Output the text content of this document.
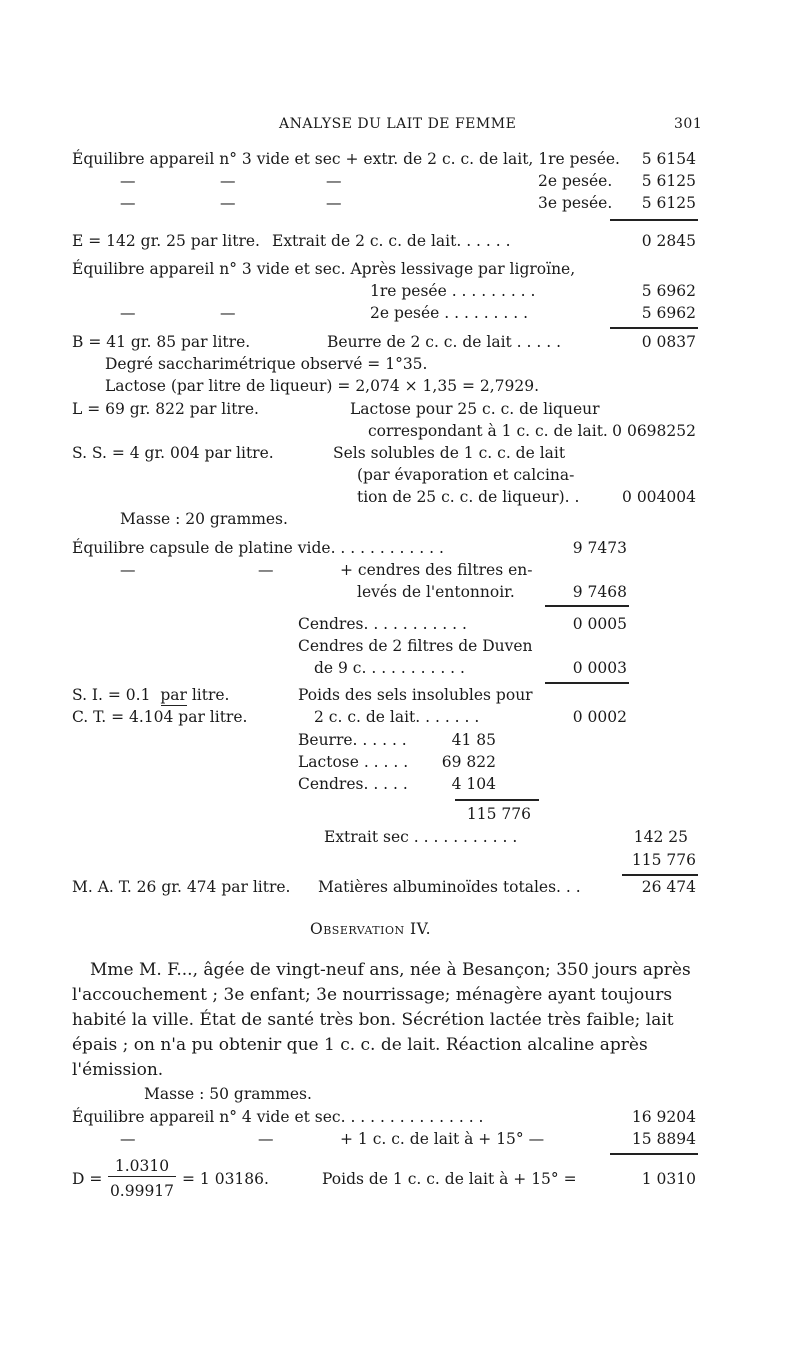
ANALYSE DU LAIT DE FEMME	301
Équilibre appareil n° 3 vide et sec + extr. de 2 c. c. de lait, 1re pesée. 5 6154
—	—	—	2e pesée. 5 6125
—	—	—	3e pesée. 5 6125
E = 142 gr. 25 par litre. Extrait de 2 c. c. de lait. . . . . .	0 2845
Équilibre appareil n° 3 vide et sec. Après lessivage par ligroïne,
1re pesée . . . . . . . . .	5 6962
—	—	2e pesée . . . . . . . . .	5 6962
B = 41 gr. 85 par litre.	Beurre de 2 c. c. de lait . . . . .	0 0837
Degré saccharimétrique observé = 1°35.
Lactose (par litre de liqueur) = 2,074 × 1,35 = 2,7929.
L = 69 gr. 822 par litre.	Lactose pour 25 c. c. de liqueur
correspondant à 1 c. c. de lait. 0 0698252
S. S. = 4 gr. 004 par litre.	Sels solubles de 1 c. c. de lait
(par évaporation et calcina-
tion de 25 c. c. de liqueur). .	0 004004
Masse : 20 grammes.
Équilibre capsule de platine vide. . . . . . . . . . . .	9 7473
—	—	+ cendres des filtres en-
levés de l'entonnoir.	9 7468
Cendres. . . . . . . . . . .	0 0005
Cendres de 2 filtres de Duven
de 9 c. . . . . . . . . . .	0 0003
S. I. = 0.1  par litre.	Poids des sels insolubles pour
C. T. = 4.104 par litre.	2 c. c. de lait. . . . . . .	0 0002
Beurre. . . . . .	41 85
Lactose . . . . . 69 822
Cendres. . . . .	4 104
115 776
Extrait sec . . . . . . . . . . .	142 25
115 776
M. A. T. 26 gr. 474 par litre. Matières albuminoïdes totales. . .	26 474
Observation IV.
Mme M. F..., âgée de vingt-neuf ans, née à Besançon; 350 jours après
l'accouchement ; 3e enfant; 3e nourrissage; ménagère ayant toujours
habité la ville. État de santé très bon. Sécrétion lactée très faible; lait
épais ; on n'a pu obtenir que 1 c. c. de lait. Réaction alcaline après
l'émission.
Masse : 50 grammes.
Équilibre appareil n° 4 vide et sec. . . . . . . . . . . . . . .	16 9204
—	—	+ 1 c. c. de lait à + 15° —	15 8894
D =
1.0310
0.99917
= 1 03186.	Poids de 1 c. c. de lait à + 15° =	1 0310
